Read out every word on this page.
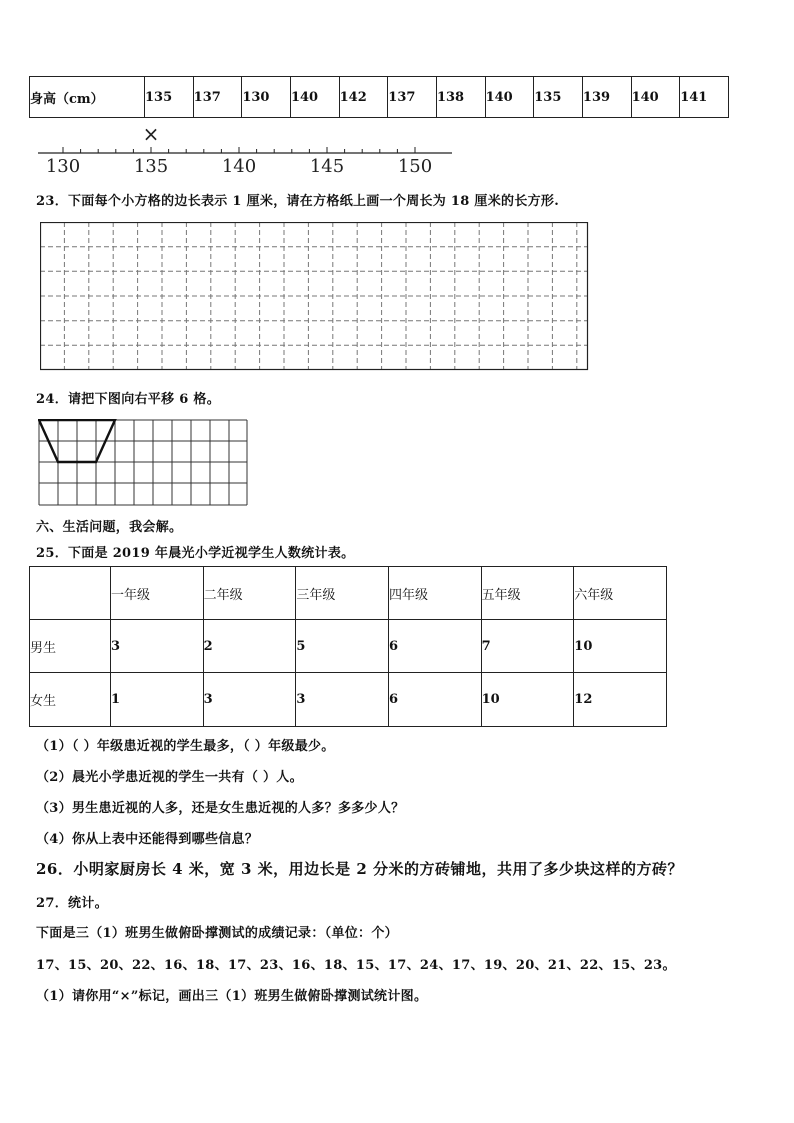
身高（cm）	135	137	130	140	142	137	138	140	135	139	140	141
×
130	135	140	145	150
23．下面每个小方格的边长表示 1 厘米，请在方格纸上画一个周长为 18 厘米的长方形.
24．请把下图向右平移 6 格。
六、生活问题，我会解。
25．下面是 2019 年晨光小学近视学生人数统计表。
	一年级	二年级	三年级	四年级	五年级	六年级
男生	3	2	5	6	7	10
女生	1	3	3	6	10	12
（1）（ ）年级患近视的学生最多，（ ）年级最少。
（2）晨光小学患近视的学生一共有（ ）人。
（3）男生患近视的人多，还是女生患近视的人多？多多少人？
（4）你从上表中还能得到哪些信息？
26．小明家厨房长 4 米，宽 3 米，用边长是 2 分米的方砖铺地，共用了多少块这样的方砖？
27．统计。
下面是三（1）班男生做俯卧撑测试的成绩记录：（单位：个）
17、15、20、22、16、18、17、23、16、18、15、17、24、17、19、20、21、22、15、23。
（1）请你用“×”标记，画出三（1）班男生做俯卧撑测试统计图。
